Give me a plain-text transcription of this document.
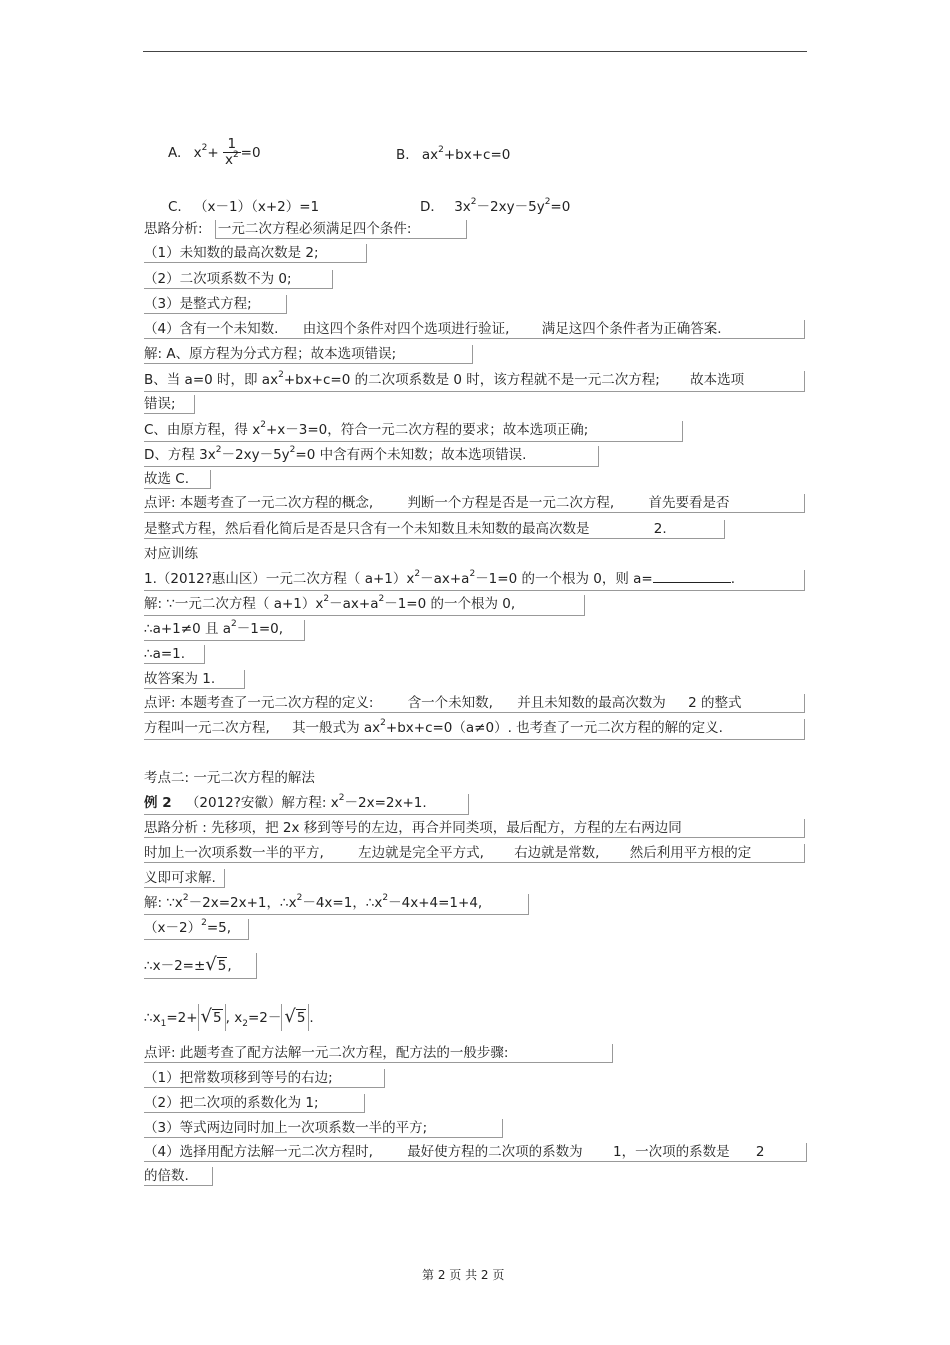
A. $x^2+ \frac{1}{x^2} =0$	B. $ax^2+bx+c=0$
C. （x－1）（x+2）=1	D． $3x^2-2xy-5y^2=0$
思路分析: 一元二次方程必须满足四个条件:
（1）未知数的最高次数是 2;
（2）二次项系数不为 0;
（3）是整式方程;
（4）含有一个未知数. 由这四个条件对四个选项进行验证, 满足这四个条件者为正确答案.
解: A、原方程为分式方程；故本选项错误;
B、当 a=0 时，即 $ax^2+bx+c=0$ 的二次项系数是 0 时，该方程就不是一元二次方程; 故本选项
错误;
C、由原方程，得 $x^2+x-3=0$，符合一元二次方程的要求；故本选项正确;
D、方程 $3x^2-2xy-5y^2=0$ 中含有两个未知数；故本选项错误.
故选 C.
点评: 本题考查了一元二次方程的概念,	判断一个方程是否是一元二次方程,	首先要看是否
是整式方程，然后看化简后是否是只含有一个未知数且未知数的最高次数是	2.
对应训练
1.（2012?惠山区）一元二次方程（ $a+1)x^2-ax+a^2-1=0$ 的一个根为 0，则 a=	.
解: ∵一元二次方程（ $a+1)x^2-ax+a^2-1=0$ 的一个根为 0,
∴a+1≠0 且 $a^2-1=0$,
∴a=1.
故答案为 1.
点评: 本题考查了一元二次方程的定义:	含一个未知数, 并且未知数的最高次数为 2 的整式
方程叫一元二次方程, 其一般式为 $ax^2+bx+c=0(a\ne 0)$. 也考查了一元二次方程的解的定义.
考点二: 一元二次方程的解法
例 2 （2012?安徽）解方程: $x^2-2x=2x+1$.
思路分析 : 先移项，把 2x 移到等号的左边，再合并同类项，最后配方，方程的左右两边同
时加上一次项系数一半的平方,	左边就是完全平方式, 右边就是常数, 然后利用平方根的定
义即可求解.
解: $\because x^2-2x=2x+1$，$\therefore x^2-4x=1$，$\therefore x^2-4x+4=1+4$,
$(x-2)^2=5$,
∴x－2=±√5,
$\therefore x_1=2+ √5$ , $x_2=2- √5$ .
点评: 此题考查了配方法解一元二次方程，配方法的一般步骤:
（1）把常数项移到等号的右边;
（2）把二次项的系数化为 1;
（3）等式两边同时加上一次项系数一半的平方;
（4）选择用配方法解一元二次方程时,	最好使方程的二次项的系数为 1，一次项的系数是 2
的倍数.
第 2 页 共 2 页
